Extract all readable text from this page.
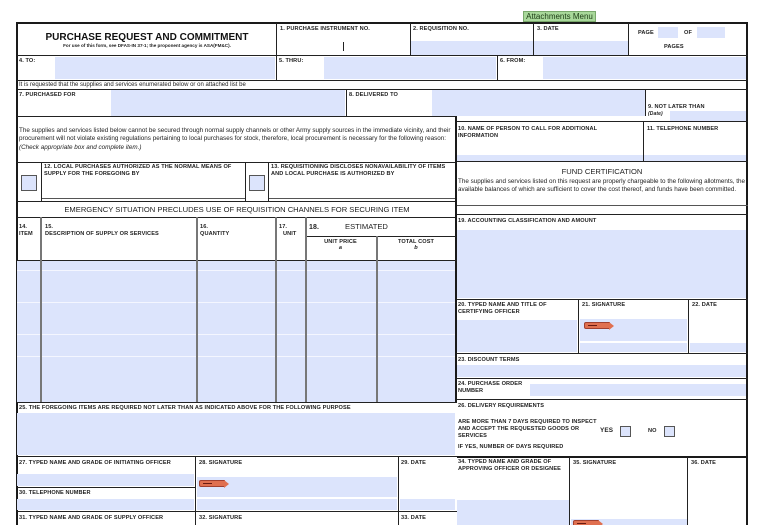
Attachments Menu
PURCHASE REQUEST AND COMMITMENT
For use of this form, see DFAS-IN 37-1; the proponent agency is ASA(FM&C).
1. PURCHASE INSTRUMENT NO.	2. REQUISITION NO.	3. DATE
PAGE	OF
PAGES
4. TO:	5. THRU:	6. FROM:
It is requested that the supplies and services enumerated below or on attached list be
7. PURCHASED FOR	8. DELIVERED TO
9. NOT LATER THAN
(Date)
The supplies and services listed below cannot be secured through normal supply channels or other Army supply sources in the immediate vicinity, and their procurement will not violate existing regulations pertaining to local purchases for stock, therefore, local procurement is necessary for the following reason: (Check appropriate box and complete item.)
12. LOCAL PURCHASES AUTHORIZED AS THE NORMAL MEANS OF SUPPLY FOR THE FOREGOING BY
13. REQUISITIONING DISCLOSES NONAVAILABILITY OF ITEMS AND LOCAL PURCHASE IS AUTHORIZED BY
EMERGENCY SITUATION PRECLUDES USE OF REQUISITION CHANNELS FOR SECURING ITEM
10. NAME OF PERSON TO CALL FOR ADDITIONAL INFORMATION
11. TELEPHONE NUMBER
FUND CERTIFICATION
The supplies and services listed on this request are properly chargeable to the following allotments, the available balances of which are sufficient to cover the cost thereof, and funds have been committed.
19. ACCOUNTING CLASSIFICATION AND AMOUNT
14.
ITEM
15.
DESCRIPTION OF SUPPLY OR SERVICES
16.
QUANTITY
17.
UNIT
18.	ESTIMATED
UNIT PRICE
a
TOTAL COST
b
20. TYPED NAME AND TITLE OF CERTIFYING OFFICER
21. SIGNATURE	22. DATE
23. DISCOUNT TERMS
24. PURCHASE ORDER NUMBER
25. THE FOREGOING ITEMS ARE REQUIRED NOT LATER THAN AS INDICATED ABOVE FOR THE FOLLOWING PURPOSE	26. DELIVERY REQUIREMENTS
ARE MORE THAN 7 DAYS REQUIRED TO INSPECT AND ACCEPT THE REQUESTED GOODS OR SERVICES
YES	NO
IF YES, NUMBER OF DAYS REQUIRED
27. TYPED NAME AND GRADE OF INITIATING OFFICER
30. TELEPHONE NUMBER
28. SIGNATURE	29. DATE
31. TYPED NAME AND GRADE OF SUPPLY OFFICER	32. SIGNATURE	33. DATE
34. TYPED NAME AND GRADE OF APPROVING OFFICER OR DESIGNEE
35. SIGNATURE	36. DATE
